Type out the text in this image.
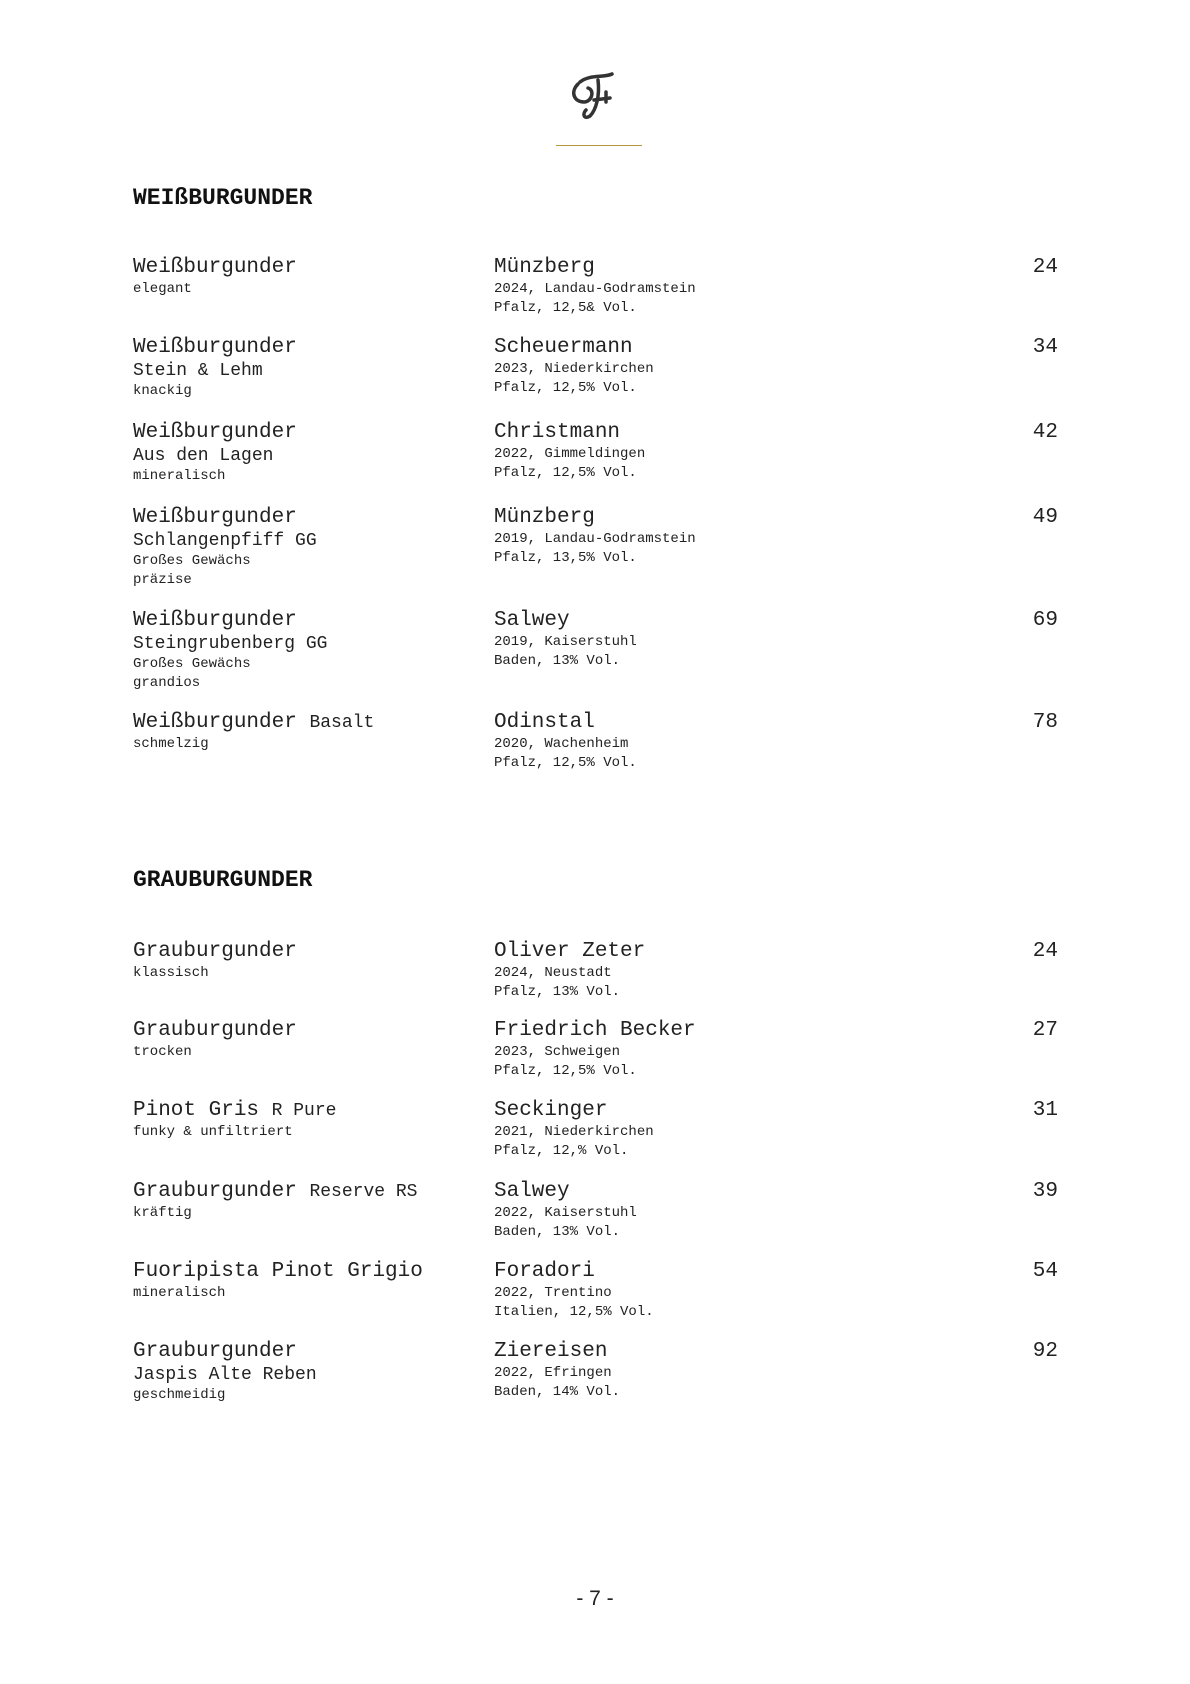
WEIßBURGUNDER
Weißburgunder
elegant
Münzberg
2024, Landau-Godramstein
Pfalz, 12,5& Vol.
24
Weißburgunder
Stein & Lehm
knackig
Scheuermann
2023, Niederkirchen
Pfalz, 12,5% Vol.
34
Weißburgunder
Aus den Lagen
mineralisch
Christmann
2022, Gimmeldingen
Pfalz, 12,5% Vol.
42
Weißburgunder
Schlangenpfiff GG
Großes Gewächs
präzise
Münzberg
2019, Landau-Godramstein
Pfalz, 13,5% Vol.
49
Weißburgunder
Steingrubenberg GG
Großes Gewächs
grandios
Salwey
2019, Kaiserstuhl
Baden, 13% Vol.
69
Weißburgunder Basalt
schmelzig
Odinstal
2020, Wachenheim
Pfalz, 12,5% Vol.
78
GRAUBURGUNDER
Grauburgunder
klassisch
Oliver Zeter
2024, Neustadt
Pfalz, 13% Vol.
24
Grauburgunder
trocken
Friedrich Becker
2023, Schweigen
Pfalz, 12,5% Vol.
27
Pinot Gris R Pure
funky & unfiltriert
Seckinger
2021, Niederkirchen
Pfalz, 12,% Vol.
31
Grauburgunder Reserve RS
kräftig
Salwey
2022, Kaiserstuhl
Baden, 13% Vol.
39
Fuoripista Pinot Grigio
mineralisch
Foradori
2022, Trentino
Italien, 12,5% Vol.
54
Grauburgunder
Jaspis Alte Reben
geschmeidig
Ziereisen
2022, Efringen
Baden, 14% Vol.
92
- 7 -
